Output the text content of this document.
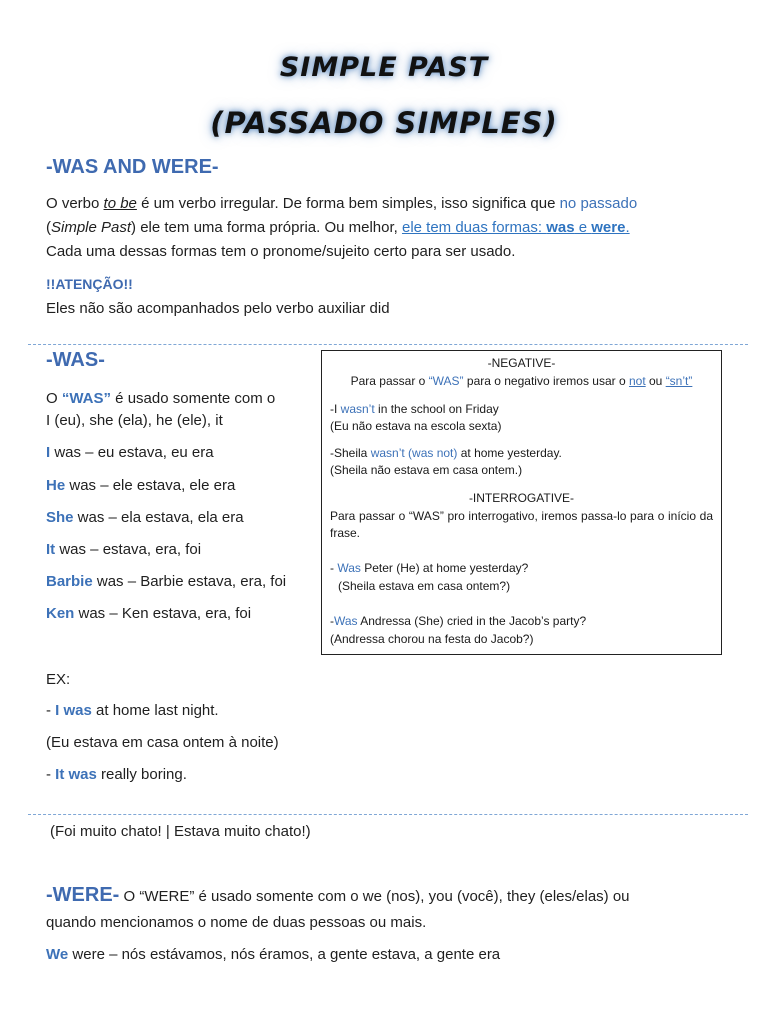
SIMPLE PAST
(PASSADO SIMPLES)
-WAS AND WERE-
O verbo to be é um verbo irregular. De forma bem simples, isso significa que no passado
(Simple Past) ele tem uma forma própria. Ou melhor, ele tem duas formas: was e were.
Cada uma dessas formas tem o pronome/sujeito certo para ser usado.
!!ATENÇÃO!!
Eles não são acompanhados pelo verbo auxiliar did
-WAS-
O “WAS” é usado somente com o
I (eu), she (ela), he (ele), it
I was – eu estava, eu era
He was – ele estava, ele era
She was – ela estava, ela era
It was – estava, era, foi
Barbie was – Barbie estava, era, foi
Ken was – Ken estava, era, foi
-NEGATIVE-
Para passar o “WAS” para o negativo iremos usar o not ou “sn’t”
-I wasn’t in the school on Friday
(Eu não estava na escola sexta)
-Sheila wasn’t (was not) at home yesterday.
(Sheila não estava em casa ontem.)
-INTERROGATIVE-
Para passar o “WAS” pro interrogativo, iremos passa-lo para o início da frase.
- Was Peter (He) at home yesterday?
(Sheila estava em casa ontem?)
-Was Andressa (She) cried in the Jacob’s party?
(Andressa chorou na festa do Jacob?)
EX:
- I was at home last night.
(Eu estava em casa ontem à noite)
- It was really boring.
(Foi muito chato! | Estava muito chato!)
-WERE- O “WERE” é usado somente com o we (nos), you (você), they (eles/elas) ou
quando mencionamos o nome de duas pessoas ou mais.
We were – nós estávamos, nós éramos, a gente estava, a gente era
